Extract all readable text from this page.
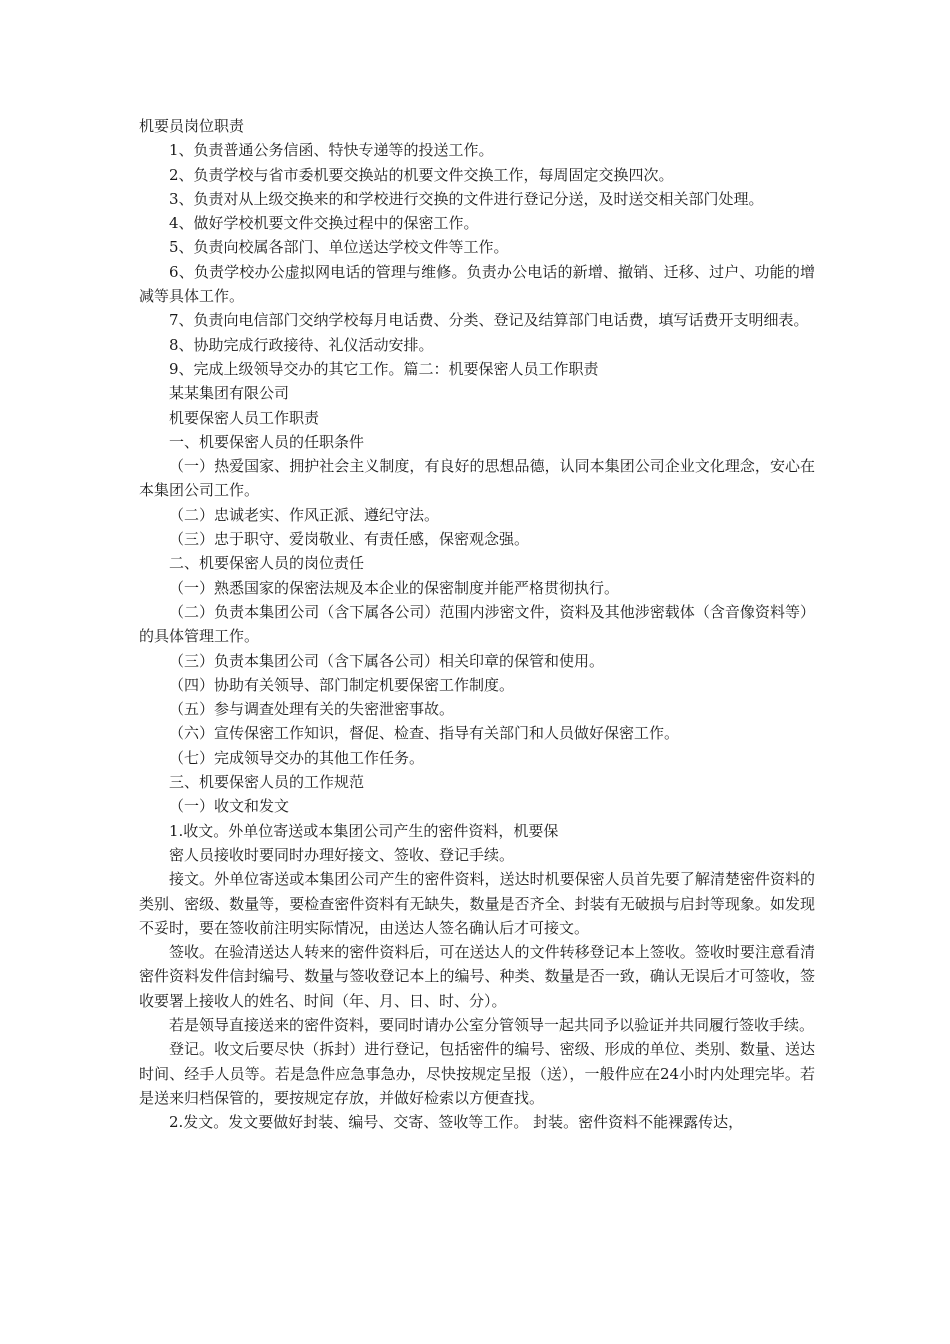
机要员岗位职责

1、负责普通公务信函、特快专递等的投送工作。

2、负责学校与省市委机要交换站的机要文件交换工作，每周固定交换四次。

3、负责对从上级交换来的和学校进行交换的文件进行登记分送，及时送交相关部门处理。

4、做好学校机要文件交换过程中的保密工作。

5、负责向校属各部门、单位送达学校文件等工作。

6、负责学校办公虚拟网电话的管理与维修。负责办公电话的新增、撤销、迁移、过户、功能的增减等具体工作。

7、负责向电信部门交纳学校每月电话费、分类、登记及结算部门电话费，填写话费开支明细表。

8、协助完成行政接待、礼仪活动安排。

9、完成上级领导交办的其它工作。篇二：机要保密人员工作职责

某某集团有限公司

机要保密人员工作职责

一、机要保密人员的任职条件

（一）热爱国家、拥护社会主义制度，有良好的思想品德，认同本集团公司企业文化理念，安心在本集团公司工作。

（二）忠诚老实、作风正派、遵纪守法。

（三）忠于职守、爱岗敬业、有责任感，保密观念强。

二、机要保密人员的岗位责任

（一）熟悉国家的保密法规及本企业的保密制度并能严格贯彻执行。

（二）负责本集团公司（含下属各公司）范围内涉密文件，资料及其他涉密载体（含音像资料等）的具体管理工作。

（三）负责本集团公司（含下属各公司）相关印章的保管和使用。

（四）协助有关领导、部门制定机要保密工作制度。

（五）参与调查处理有关的失密泄密事故。

（六）宣传保密工作知识，督促、检查、指导有关部门和人员做好保密工作。

（七）完成领导交办的其他工作任务。

三、机要保密人员的工作规范

（一）收文和发文

1.收文。外单位寄送或本集团公司产生的密件资料，机要保

密人员接收时要同时办理好接文、签收、登记手续。

接文。外单位寄送或本集团公司产生的密件资料，送达时机要保密人员首先要了解清楚密件资料的类别、密级、数量等，要检查密件资料有无缺失，数量是否齐全、封装有无破损与启封等现象。如发现不妥时，要在签收前注明实际情况，由送达人签名确认后才可接文。

签收。在验清送达人转来的密件资料后，可在送达人的文件转移登记本上签收。签收时要注意看清密件资料发件信封编号、数量与签收登记本上的编号、种类、数量是否一致，确认无误后才可签收，签收要署上接收人的姓名、时间（年、月、日、时、分）。

若是领导直接送来的密件资料，要同时请办公室分管领导一起共同予以验证并共同履行签收手续。

登记。收文后要尽快（拆封）进行登记，包括密件的编号、密级、形成的单位、类别、数量、送达时间、经手人员等。若是急件应急事急办，尽快按规定呈报（送），一般件应在24小时内处理完毕。若是送来归档保管的，要按规定存放，并做好检索以方便查找。

2.发文。发文要做好封装、编号、交寄、签收等工作。 封装。密件资料不能裸露传达，
